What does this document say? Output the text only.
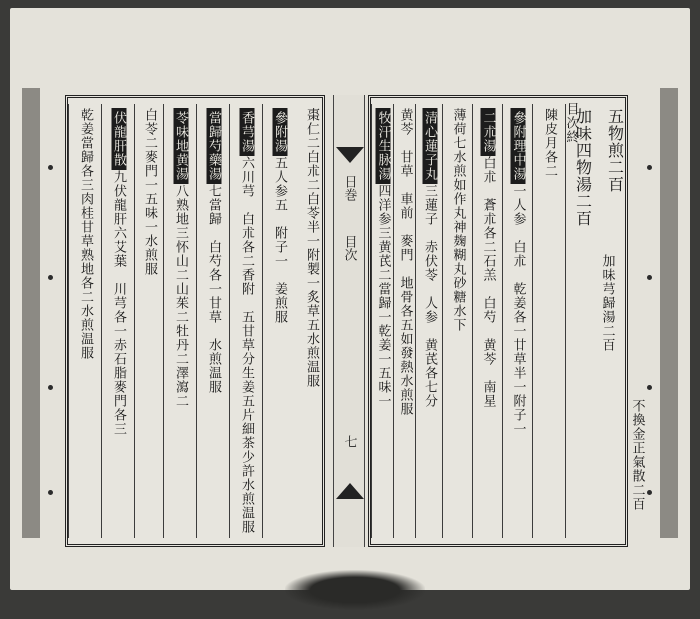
棗仁二白朮二白苓半一附製一炙草五水煎温服
參附湯五人参五　附子一　姜煎服
香芎湯六川芎　白朮各二香附　五甘草分生姜五片細茶少許水煎温服
當歸芍藥湯七當歸　白芍各一甘草　水煎温服
苓味地黄湯八熟地三怀山二山茱二牡丹二澤瀉二
白苓二麥門一五味一水煎服
伏龍肝散九伏龍肝六艾葉　川芎各一赤石脂麥門各三
乾姜當歸各三肉桂甘草熟地各二水煎温服	日巻
目次
七
五物煎二百
加味四物湯二百
陳皮月各二
參附理中湯一人参　白朮　乾姜各一廿草半一附子一
二朮湯白朮　蒼朮各二石羔　白芍　黄芩　南星
薄荷七水煎如作丸神麹糊丸砂糖水下
清心蓮子丸三蓮子　赤伏苓　人参　黄芪各七分
黄芩　甘草　車前　麥門　地骨各五如發熱水煎服
牧汗生脉湯四洋参三黄芪二當歸一乾姜一五味一
目次終
加味芎歸湯二百
不換金正氣散二百
